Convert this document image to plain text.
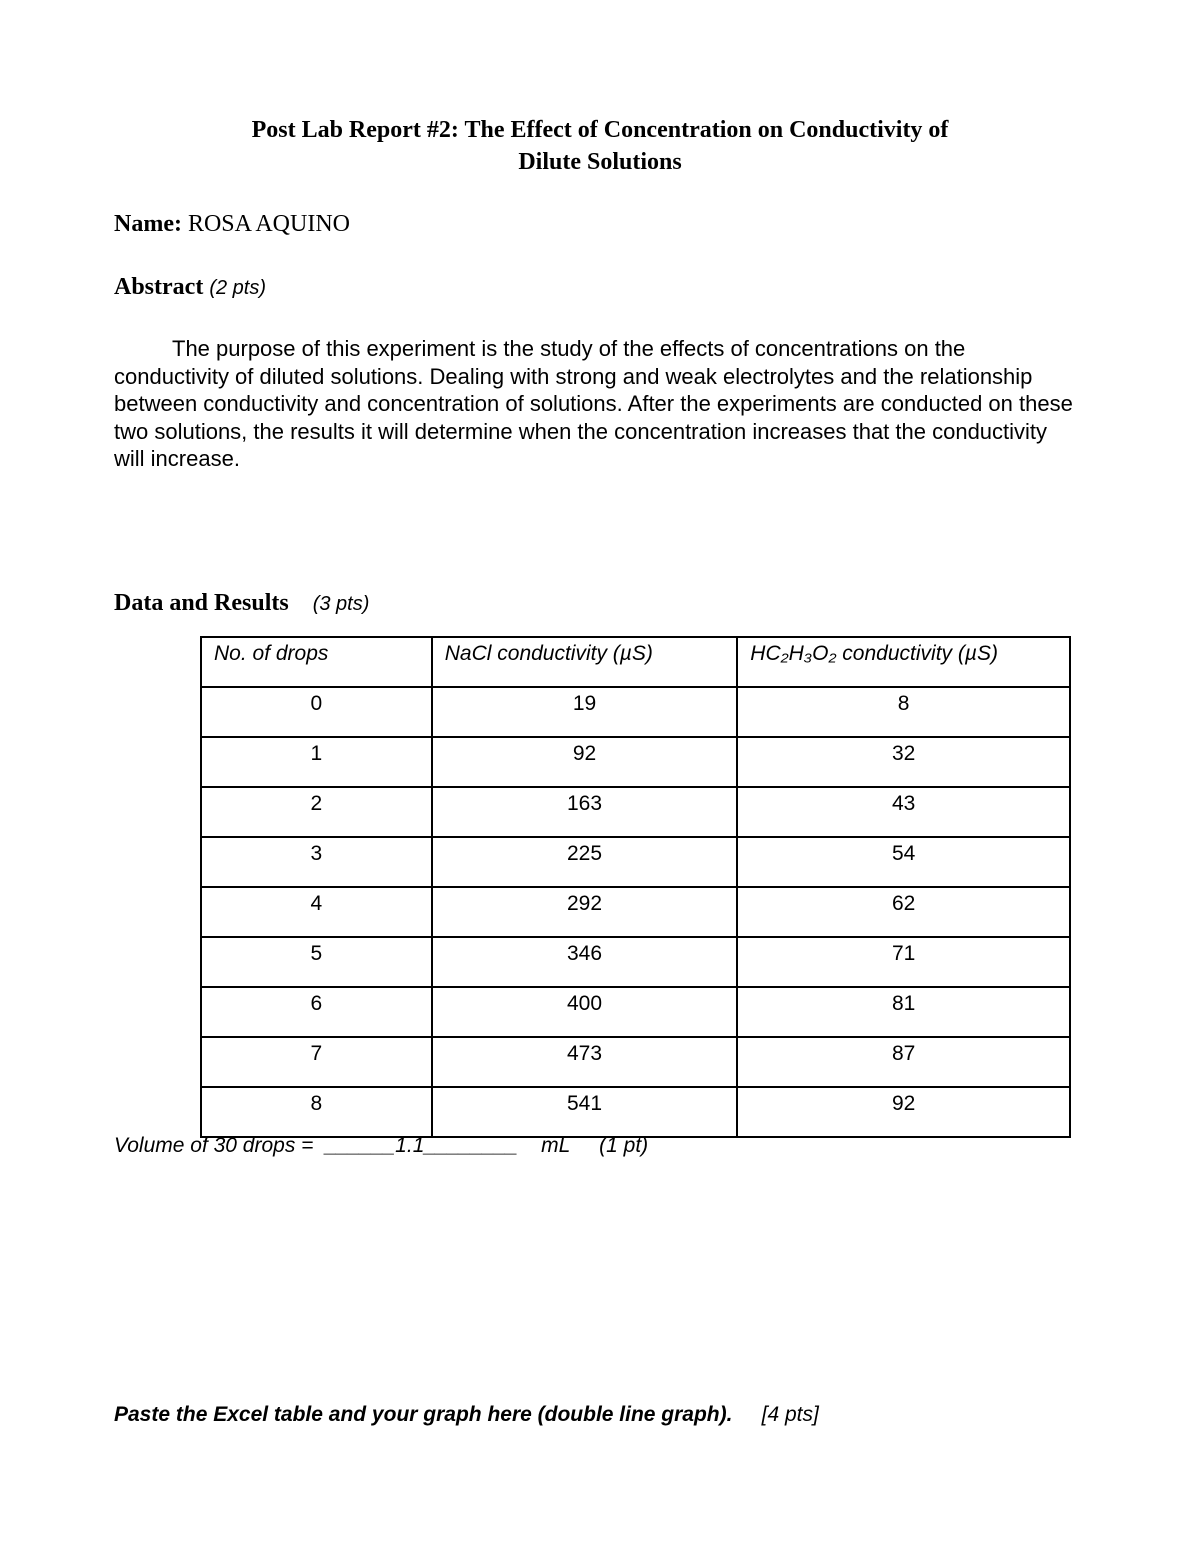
Post Lab Report #2: The Effect of Concentration on Conductivity of
Dilute Solutions
Name: ROSA AQUINO
Abstract (2 pts)
The purpose of this experiment is the study of the effects of concentrations on the conductivity of diluted solutions. Dealing with strong and weak electrolytes and the relationship between conductivity and concentration of solutions. After the experiments are conducted on these two solutions, the results it will determine when the concentration increases that the conductivity will increase.
Data and Results (3 pts)
No. of drops	NaCl conductivity (µS)	HC₂H₃O₂ conductivity (µS)
0	19	8
1	92	32
2	163	43
3	225	54
4	292	62
5	346	71
6	400	81
7	473	87
8	541	92
Volume of 30 drops = ______1.1________ mL (1 pt)
Paste the Excel table and your graph here (double line graph). [4 pts]
